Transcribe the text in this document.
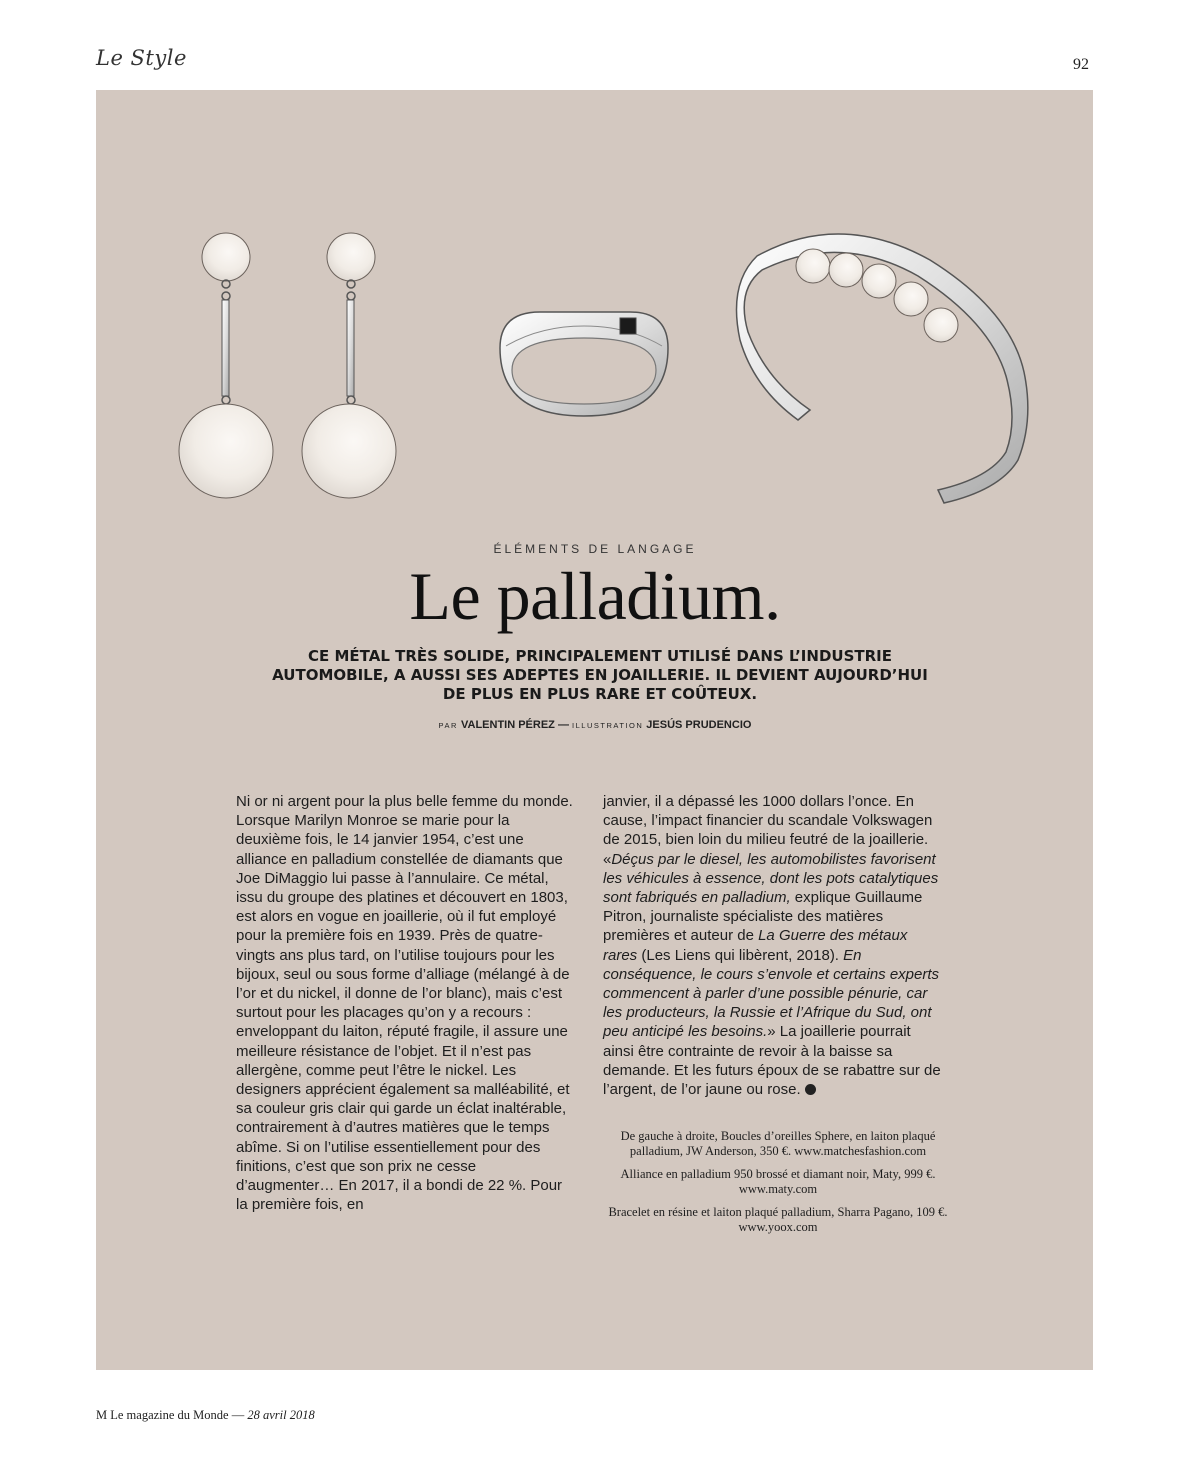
Le Style	92
ÉLÉMENTS DE LANGAGE
Le palladium.
CE MÉTAL TRÈS SOLIDE, PRINCIPALEMENT UTILISÉ DANS L’INDUSTRIE AUTOMOBILE, A AUSSI SES ADEPTES EN JOAILLERIE. IL DEVIENT AUJOURD’HUI DE PLUS EN PLUS RARE ET COÛTEUX.
PAR VALENTIN PÉREZ — ILLUSTRATION JESÚS PRUDENCIO

Ni or ni argent pour la plus belle femme du monde. Lorsque Marilyn Monroe se marie pour la deuxième fois, le 14 janvier 1954, c’est une alliance en palladium constellée de diamants que Joe DiMaggio lui passe à l’annulaire. Ce métal, issu du groupe des platines et découvert en 1803, est alors en vogue en joaillerie, où il fut employé pour la première fois en 1939. Près de quatre-vingts ans plus tard, on l’utilise toujours pour les bijoux, seul ou sous forme d’alliage (mélangé à de l’or et du nickel, il donne de l’or blanc), mais c’est surtout pour les placages qu’on y a recours : enveloppant du laiton, réputé fragile, il assure une meilleure résistance de l’objet. Et il n’est pas allergène, comme peut l’être le nickel. Les designers apprécient également sa malléabilité, et sa couleur gris clair qui garde un éclat inaltérable, contrairement à d’autres matières que le temps abîme. Si on l’utilise essentiellement pour des finitions, c’est que son prix ne cesse d’augmenter… En 2017, il a bondi de 22 %. Pour la première fois, en

janvier, il a dépassé les 1000 dollars l’once. En cause, l’impact financier du scandale Volkswagen de 2015, bien loin du milieu feutré de la joaillerie. «Déçus par le diesel, les automobilistes favorisent les véhicules à essence, dont les pots catalytiques sont fabriqués en palladium, explique Guillaume Pitron, journaliste spécialiste des matières premières et auteur de La Guerre des métaux rares (Les Liens qui libèrent, 2018). En conséquence, le cours s’envole et certains experts commencent à parler d’une possible pénurie, car les producteurs, la Russie et l’Afrique du Sud, ont peu anticipé les besoins.» La joaillerie pourrait ainsi être contrainte de revoir à la baisse sa demande. Et les futurs époux de se rabattre sur de l’argent, de l’or jaune ou rose.

De gauche à droite, Boucles d’oreilles Sphere, en laiton plaqué palladium, JW Anderson, 350 €. www.matchesfashion.com

Alliance en palladium 950 brossé et diamant noir, Maty, 999 €. www.maty.com

Bracelet en résine et laiton plaqué palladium, Sharra Pagano, 109 €. www.yoox.com

M Le magazine du Monde — 28 avril 2018
